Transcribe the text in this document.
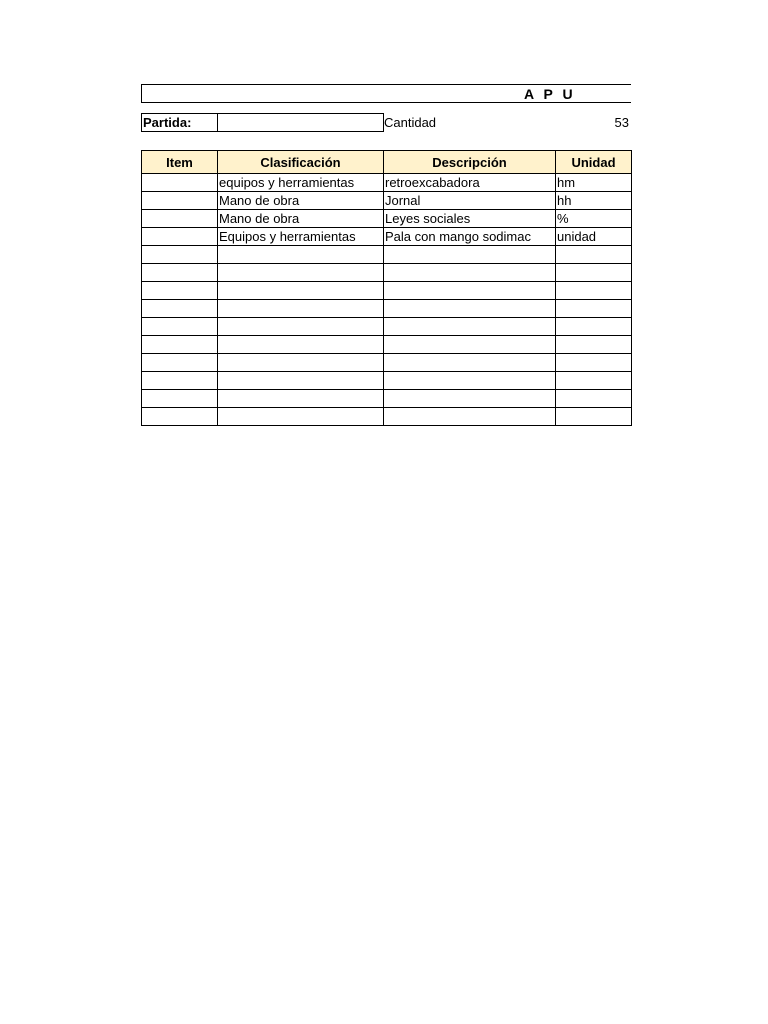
A P U
Partida:	Cantidad	53
Item	Clasificación	Descripción	Unidad
	equipos y herramientas	retroexcabadora	hm
	Mano de obra	Jornal	hh
	Mano de obra	Leyes sociales	%
	Equipos y herramientas	Pala con mango sodimac	unidad
